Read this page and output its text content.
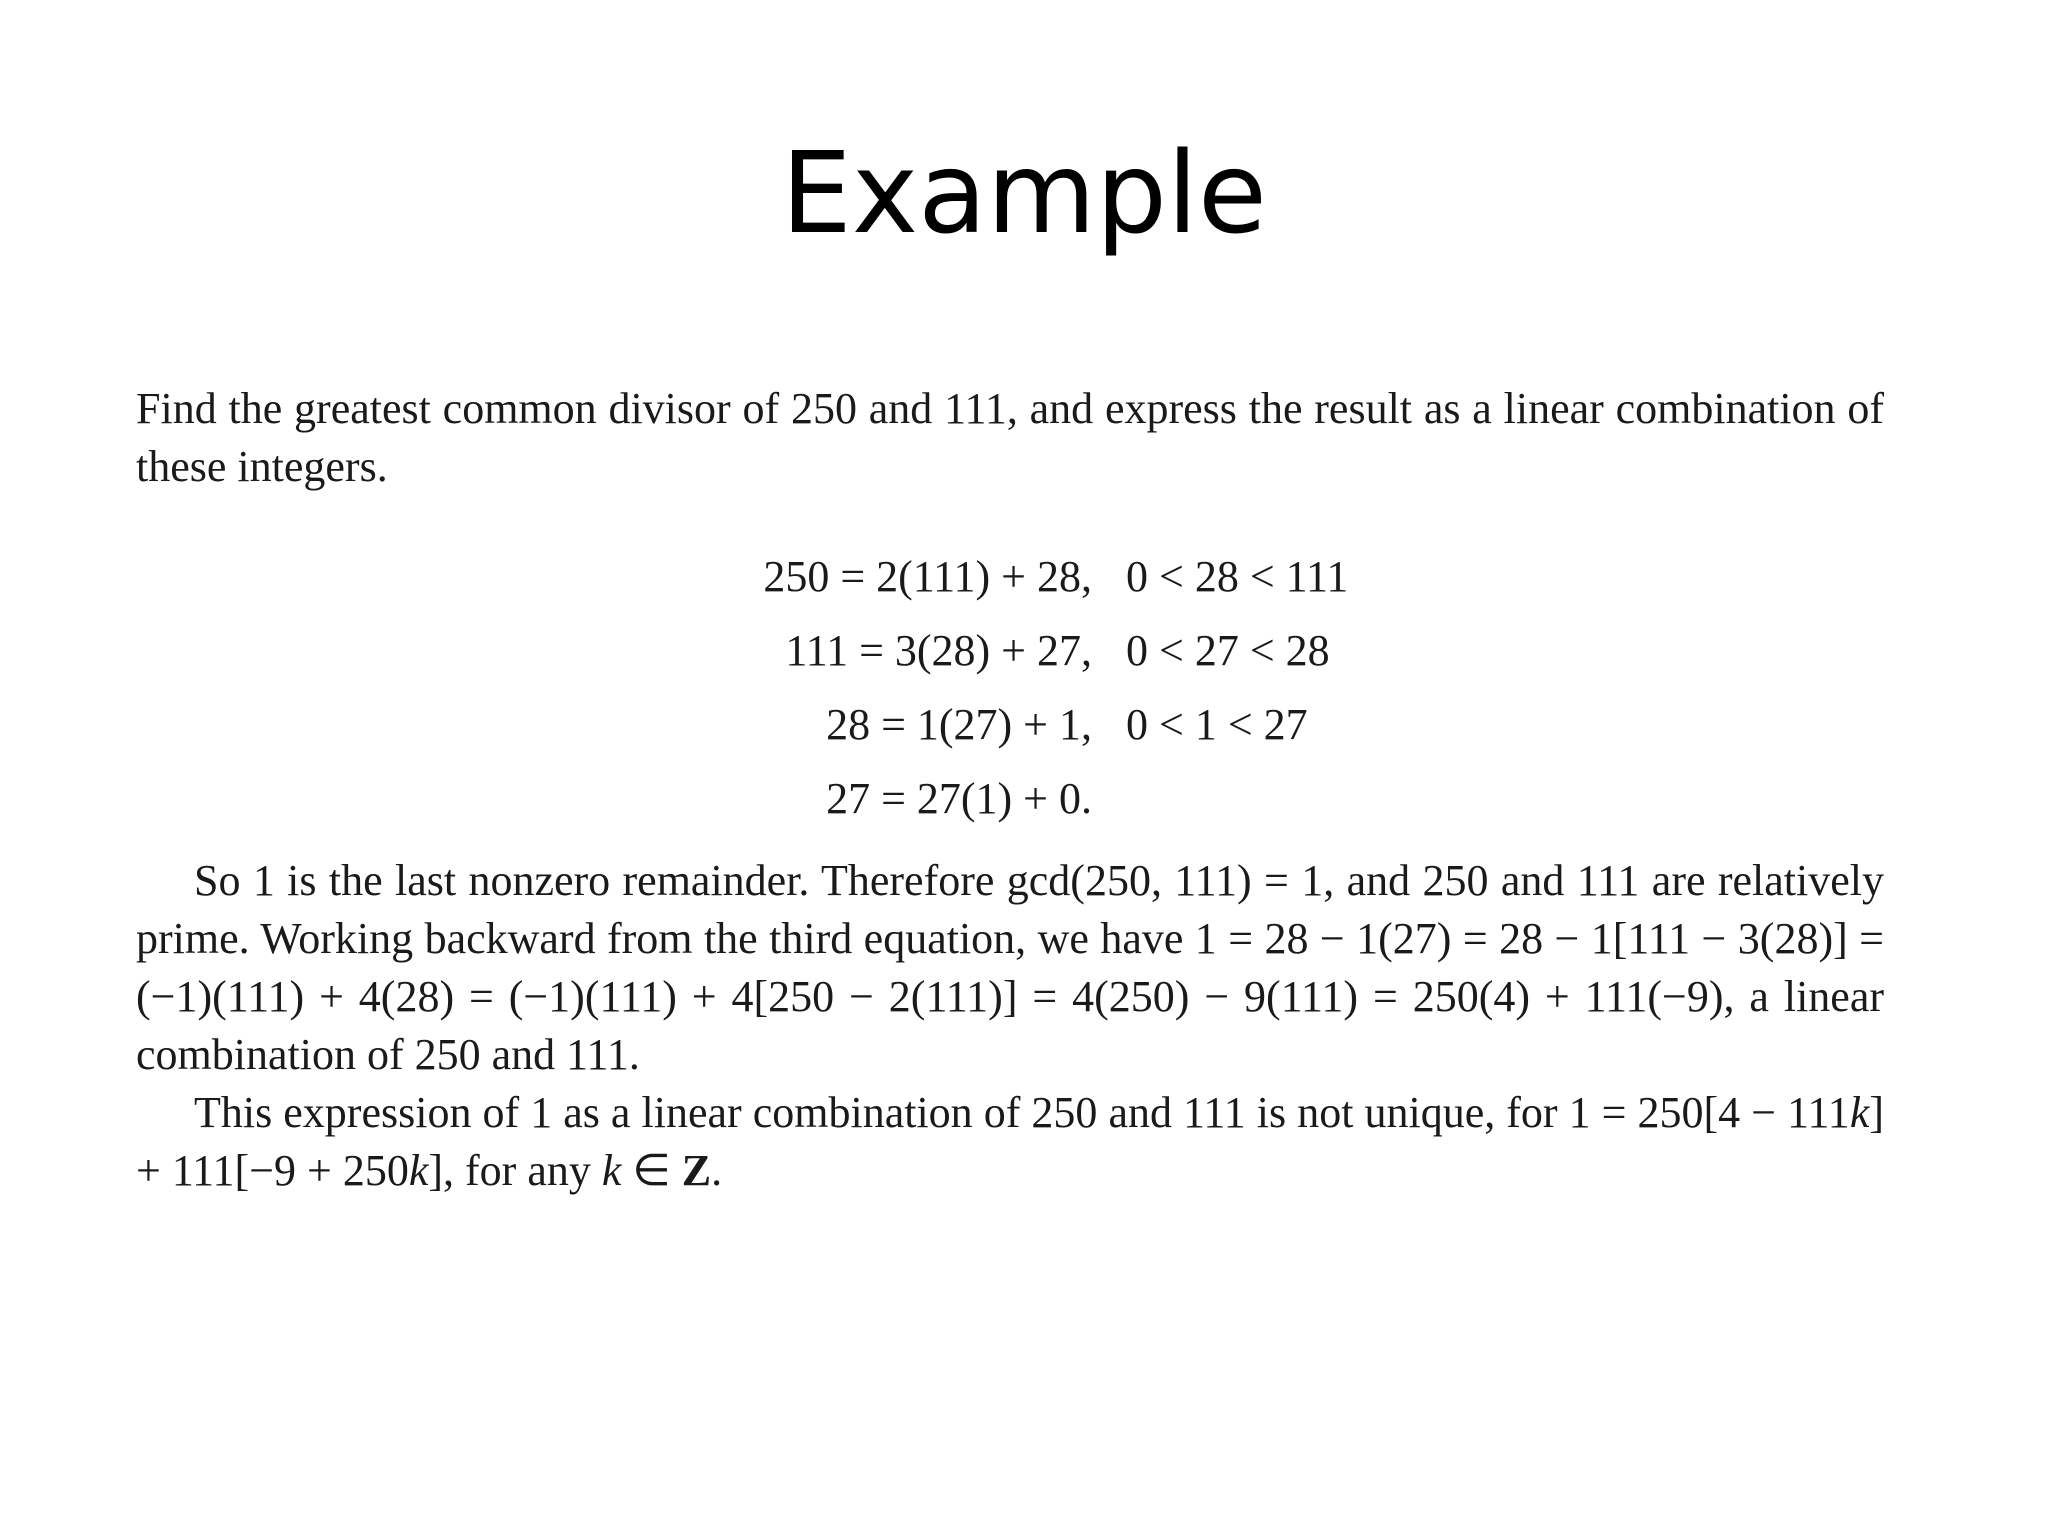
Example

Find the greatest common divisor of 250 and 111, and express the result as a linear combination of these integers.

250 = 2(111) + 28, 0 < 28 < 111
111 = 3(28) + 27, 0 < 27 < 28
28 = 1(27) + 1, 0 < 1 < 27
27 = 27(1) + 0.

So 1 is the last nonzero remainder. Therefore gcd(250, 111) = 1, and 250 and 111 are relatively prime. Working backward from the third equation, we have 1 = 28 − 1(27) = 28 − 1[111 − 3(28)] = (−1)(111) + 4(28) = (−1)(111) + 4[250 − 2(111)] = 4(250) − 9(111) = 250(4) + 111(−9), a linear combination of 250 and 111.

This expression of 1 as a linear combination of 250 and 111 is not unique, for 1 = 250[4 − 111k] + 111[−9 + 250k], for any k ∈ Z.
